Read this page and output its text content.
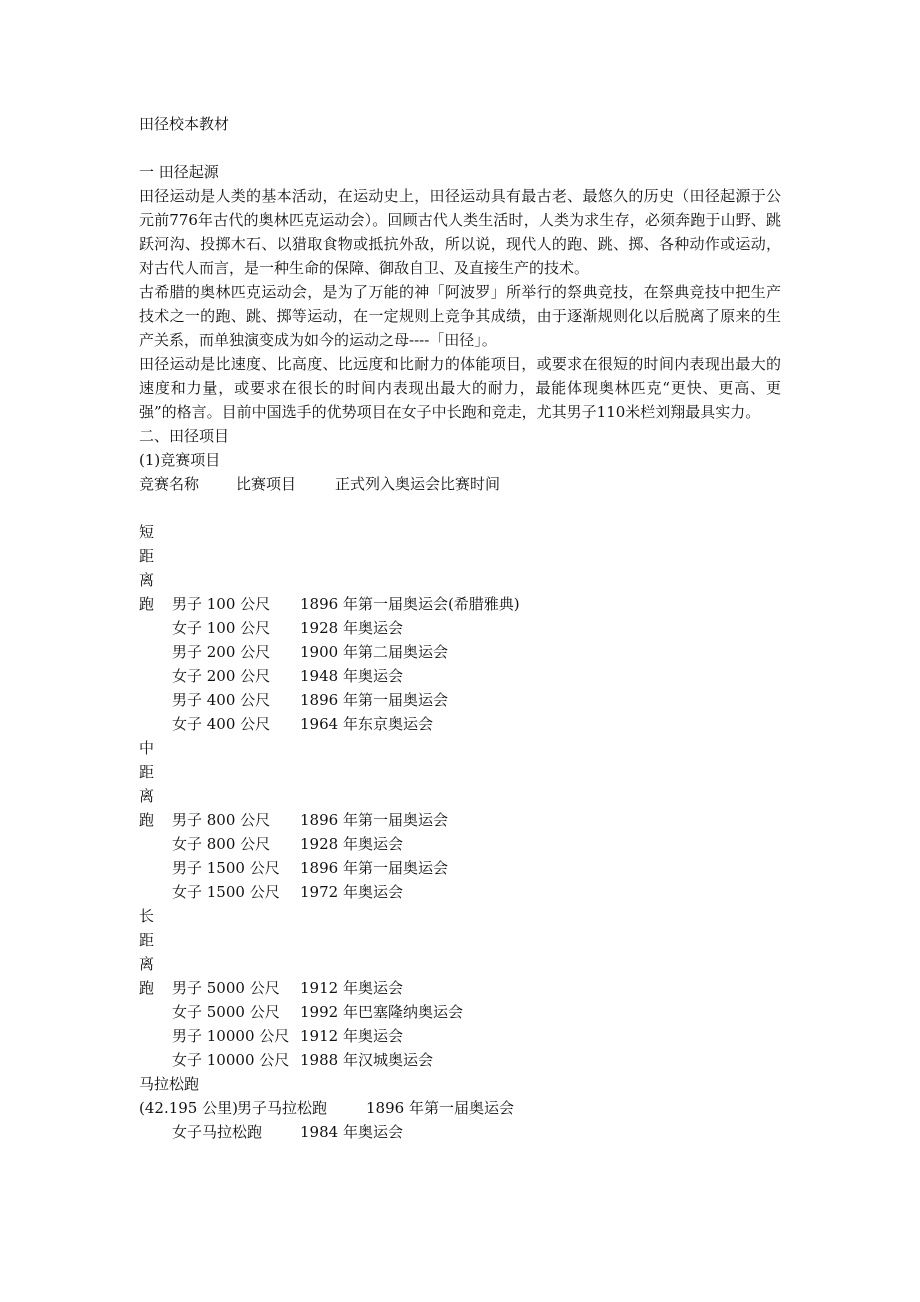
田径校本教材
一 田径起源
田径运动是人类的基本活动，在运动史上，田径运动具有最古老、最悠久的历史（田径起源于公元前776年古代的奥林匹克运动会）。回顾古代人类生活时，人类为求生存，必须奔跑于山野、跳跃河沟、投掷木石、以猎取食物或抵抗外敌，所以说，现代人的跑、跳、掷、各种动作或运动，对古代人而言，是一种生命的保障、御敌自卫、及直接生产的技术。
古希腊的奥林匹克运动会，是为了万能的神「阿波罗」所举行的祭典竞技，在祭典竞技中把生产技术之一的跑、跳、掷等运动，在一定规则上竞争其成绩，由于逐渐规则化以后脱离了原来的生产关系，而单独演变成为如今的运动之母----「田径」。
田径运动是比速度、比高度、比远度和比耐力的体能项目，或要求在很短的时间内表现出最大的速度和力量，或要求在很长的时间内表现出最大的耐力，最能体现奥林匹克“更快、更高、更强”的格言。目前中国选手的优势项目在女子中长跑和竞走，尤其男子110米栏刘翔最具实力。
二、田径项目
(1)竞赛项目
竞赛名称 比赛项目	正式列入奥运会比赛时间
短
距
离
跑 男子 100 公尺 1896 年第一届奥运会(希腊雅典)
女子 100 公尺 1928 年奥运会
男子 200 公尺 1900 年第二届奥运会
女子 200 公尺 1948 年奥运会
男子 400 公尺 1896 年第一届奥运会
女子 400 公尺 1964 年东京奥运会
中
距
离
跑 男子 800 公尺 1896 年第一届奥运会
女子 800 公尺 1928 年奥运会
男子 1500 公尺 1896 年第一届奥运会
女子 1500 公尺 1972 年奥运会
长
距
离
跑 男子 5000 公尺 1912 年奥运会
女子 5000 公尺 1992 年巴塞隆纳奥运会
男子 10000 公尺 1912 年奥运会
女子 10000 公尺 1988 年汉城奥运会
马拉松跑
(42.195 公里) 男子马拉松跑	1896 年第一届奥运会
女子马拉松跑	1984 年奥运会
